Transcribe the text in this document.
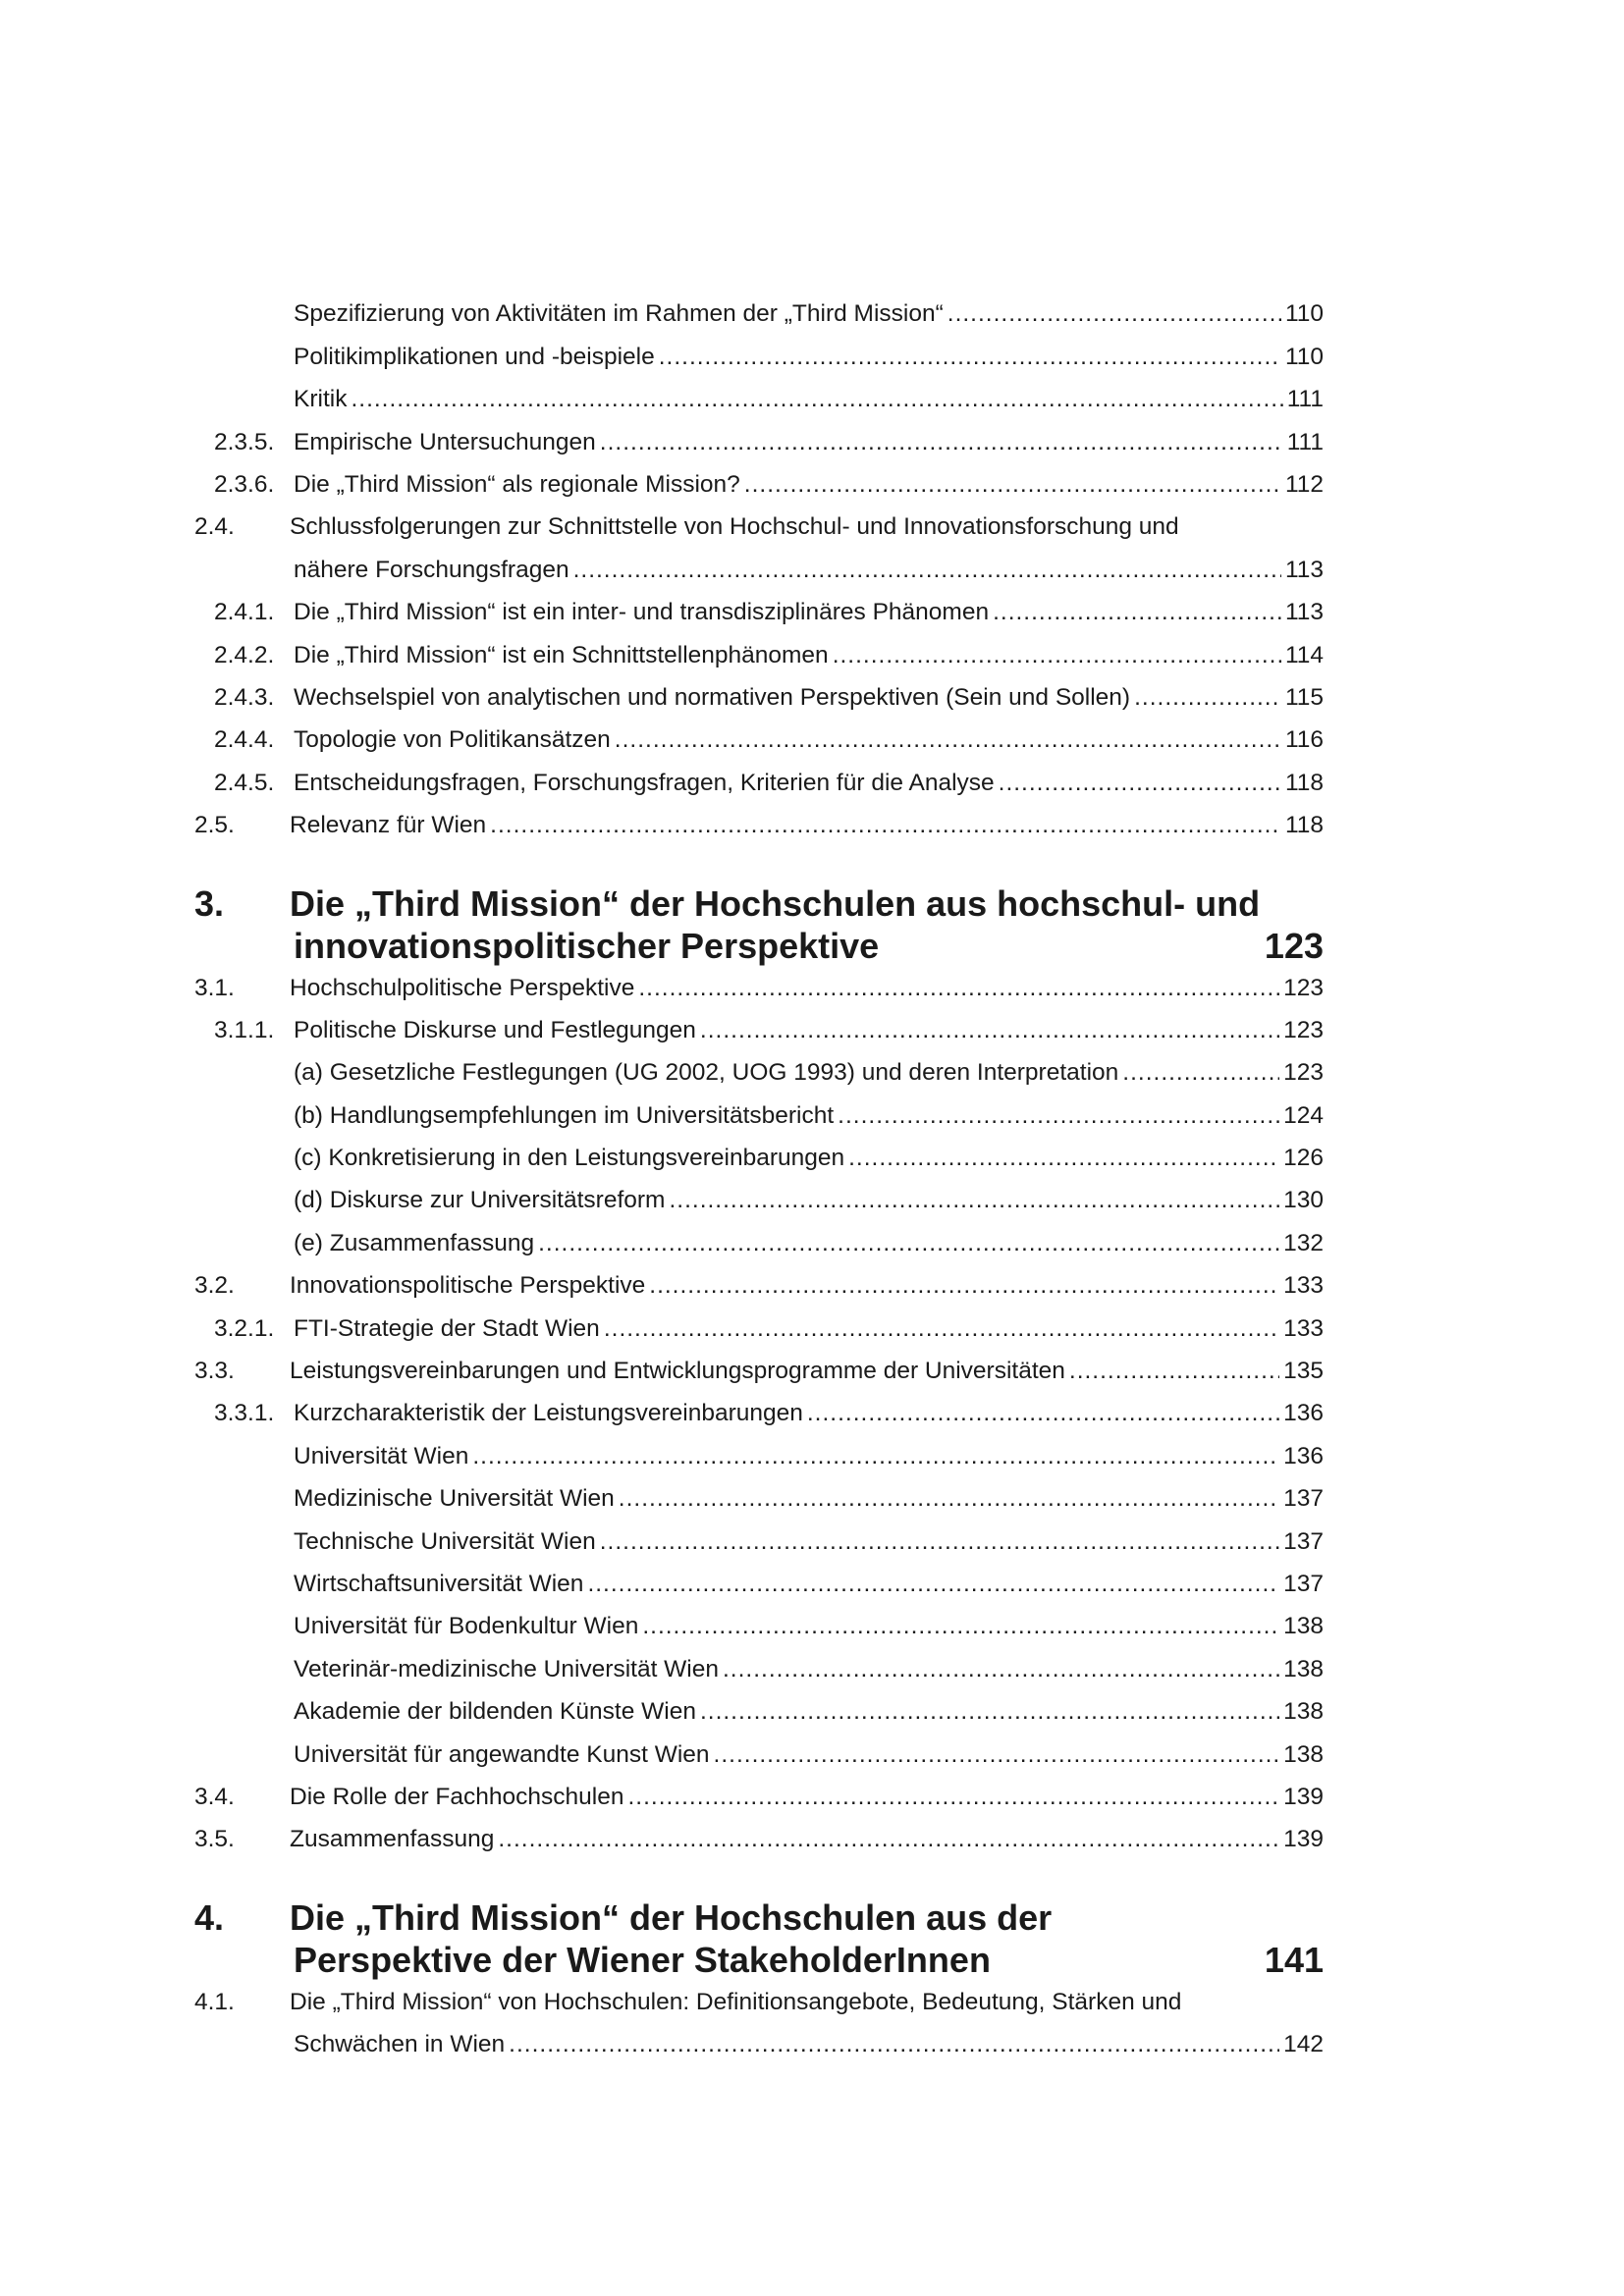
Spezifizierung von Aktivitäten im Rahmen der „Third Mission“ .....	110
Politikimplikationen und -beispiele .....	110
Kritik .....	111
2.3.5. Empirische Untersuchungen .....	111
2.3.6. Die „Third Mission“ als regionale Mission? .....	112
2.4.	Schlussfolgerungen zur Schnittstelle von Hochschul- und Innovationsforschung und
nähere Forschungsfragen .....	113
2.4.1. Die „Third Mission“ ist ein inter- und transdisziplinäres Phänomen .....	113
2.4.2. Die „Third Mission“ ist ein Schnittstellenphänomen .....	114
2.4.3. Wechselspiel von analytischen und normativen Perspektiven (Sein und Sollen) .....	115
2.4.4. Topologie von Politikansätzen .....	116
2.4.5. Entscheidungsfragen, Forschungsfragen, Kriterien für die Analyse .....	118
2.5.	Relevanz für Wien .....	118
3. Die „Third Mission“ der Hochschulen aus hochschul- und
innovationspolitischer Perspektive	123
3.1.	Hochschulpolitische Perspektive .....	123
3.1.1. Politische Diskurse und Festlegungen .....	123
(a) Gesetzliche Festlegungen (UG 2002, UOG 1993) und deren Interpretation .....	123
(b) Handlungsempfehlungen im Universitätsbericht .....	124
(c) Konkretisierung in den Leistungsvereinbarungen .....	126
(d) Diskurse zur Universitätsreform .....	130
(e) Zusammenfassung .....	132
3.2.	Innovationspolitische Perspektive .....	133
3.2.1. FTI-Strategie der Stadt Wien .....	133
3.3.	Leistungsvereinbarungen und Entwicklungsprogramme der Universitäten .....	135
3.3.1. Kurzcharakteristik der Leistungsvereinbarungen .....	136
Universität Wien .....	136
Medizinische Universität Wien .....	137
Technische Universität Wien .....	137
Wirtschaftsuniversität Wien .....	137
Universität für Bodenkultur Wien .....	138
Veterinär-medizinische Universität Wien .....	138
Akademie der bildenden Künste Wien .....	138
Universität für angewandte Kunst Wien .....	138
3.4.	Die Rolle der Fachhochschulen .....	139
3.5.	Zusammenfassung .....	139
4. Die „Third Mission“ der Hochschulen aus der
Perspektive der Wiener StakeholderInnen	141
4.1.	Die „Third Mission“ von Hochschulen: Definitionsangebote, Bedeutung, Stärken und
Schwächen in Wien .....	142
